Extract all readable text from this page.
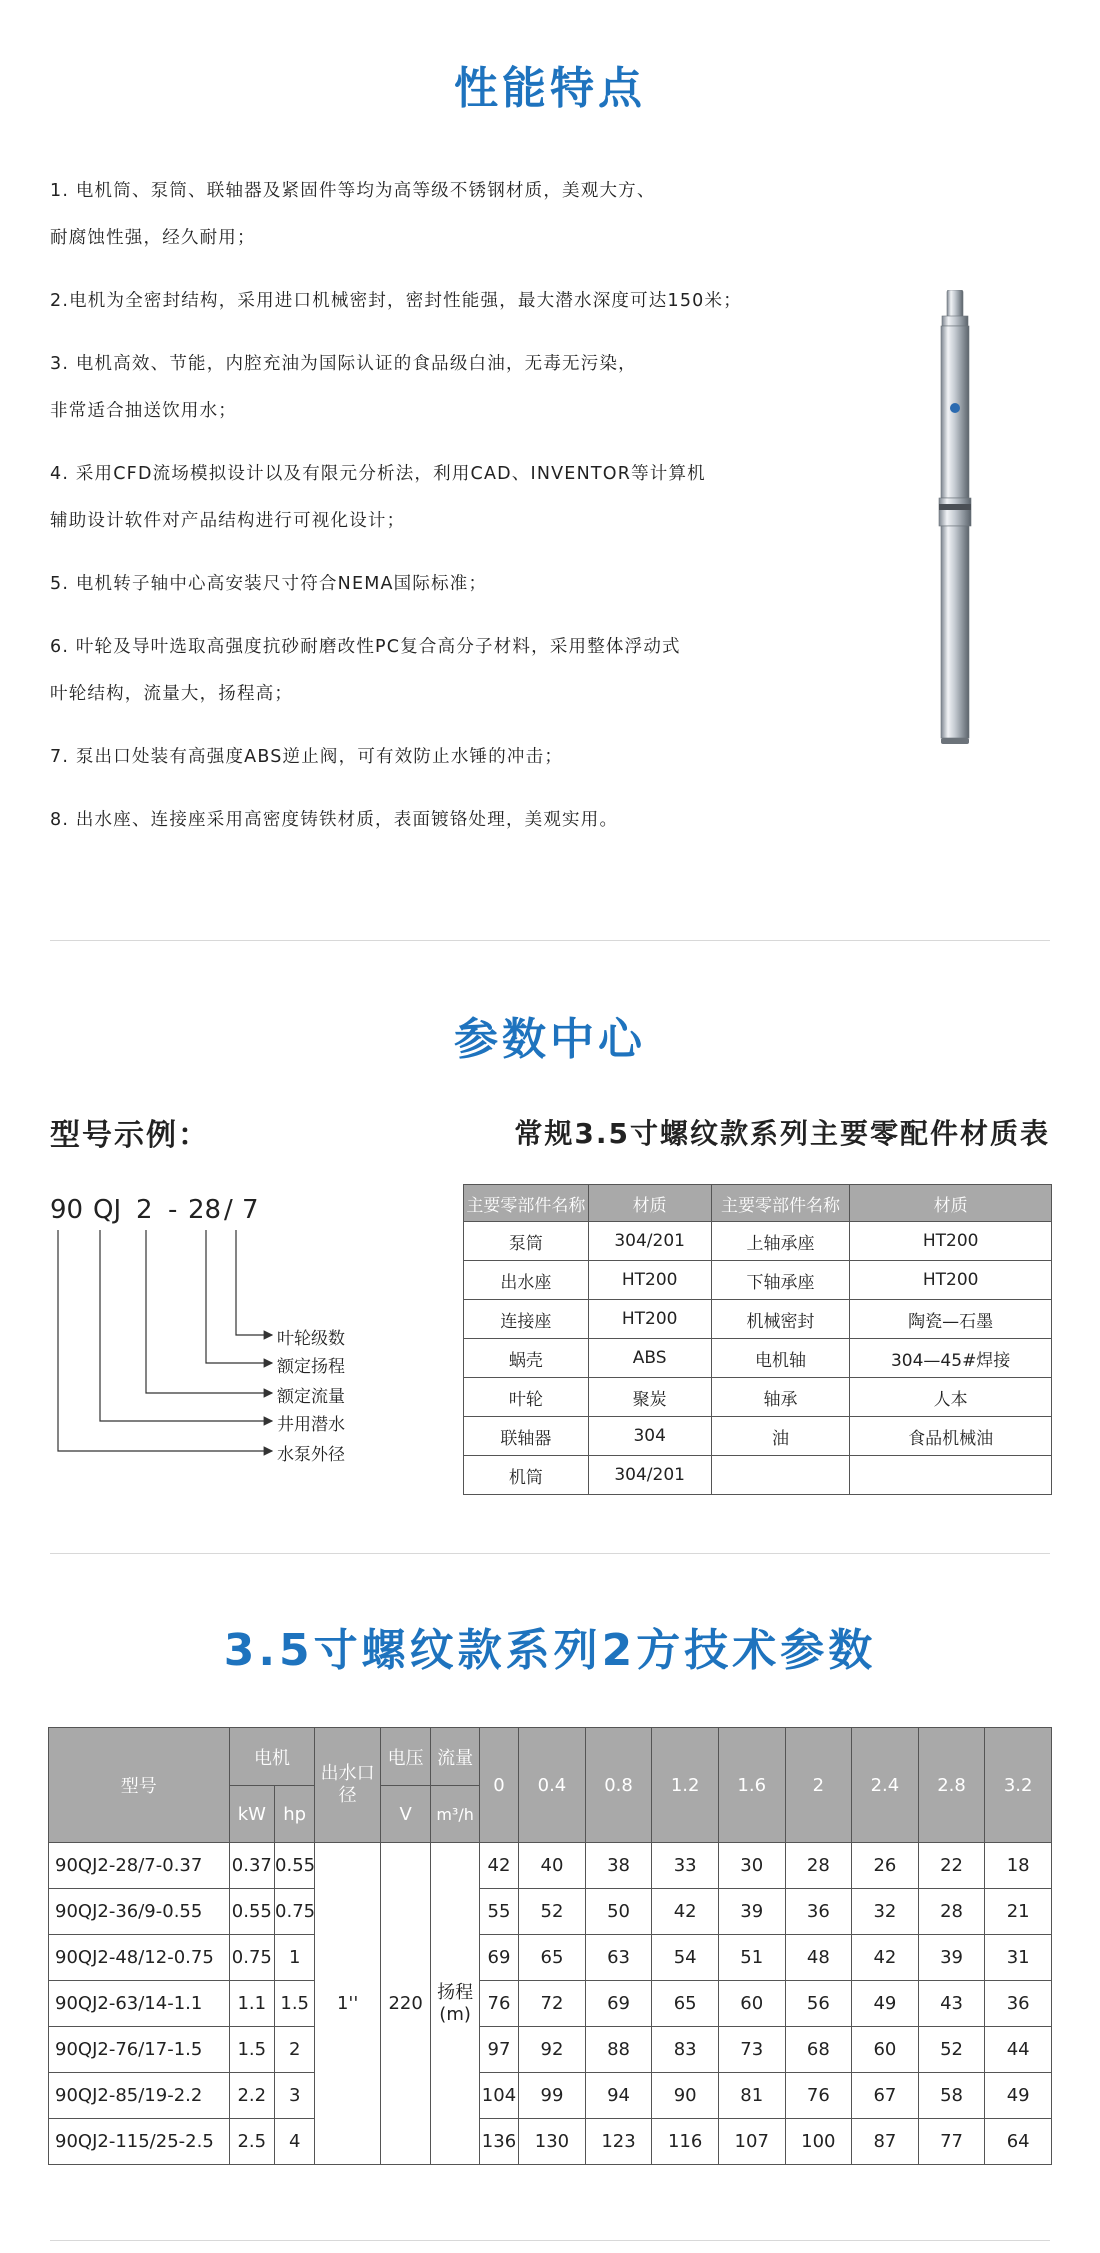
性能特点
1. 电机筒、泵筒、联轴器及紧固件等均为高等级不锈钢材质，美观大方、
耐腐蚀性强，经久耐用；
2.电机为全密封结构，采用进口机械密封，密封性能强，最大潜水深度可达150米；
3. 电机高效、节能，内腔充油为国际认证的食品级白油，无毒无污染，
非常适合抽送饮用水；
4. 采用CFD流场模拟设计以及有限元分析法，利用CAD、INVENTOR等计算机
辅助设计软件对产品结构进行可视化设计；
5. 电机转子轴中心高安装尺寸符合NEMA国际标准；
6. 叶轮及导叶选取高强度抗砂耐磨改性PC复合高分子材料，采用整体浮动式
叶轮结构，流量大，扬程高；
7. 泵出口处装有高强度ABS逆止阀，可有效防止水锤的冲击；
8. 出水座、连接座采用高密度铸铁材质，表面镀铬处理，美观实用。
参数中心
型号示例：
90 QJ 2 - 28 / 7
叶轮级数
额定扬程
额定流量
井用潜水
水泵外径
常规3.5寸螺纹款系列主要零配件材质表
主要零部件名称	材质	主要零部件名称	材质
泵筒	304/201	上轴承座	HT200
出水座	HT200	下轴承座	HT200
连接座	HT200	机械密封	陶瓷—石墨
蜗壳	ABS	电机轴	304—45#焊接
叶轮	聚炭	轴承	人本
联轴器	304	油	食品机械油
机筒	304/201		
3.5寸螺纹款系列2方技术参数
型号	电机		出水口径	电压	流量	0	0.4	0.8	1.2	1.6	2	2.4	2.8	3.2
	kW	hp		V	m³/h									
90QJ2-28/7-0.37	0.37	0.55	1''	220	扬程(m)	42	40	38	33	30	28	26	22	18
90QJ2-36/9-0.55	0.55	0.75				55	52	50	42	39	36	32	28	21
90QJ2-48/12-0.75	0.75	1				69	65	63	54	51	48	42	39	31
90QJ2-63/14-1.1	1.1	1.5				76	72	69	65	60	56	49	43	36
90QJ2-76/17-1.5	1.5	2				97	92	88	83	73	68	60	52	44
90QJ2-85/19-2.2	2.2	3				104	99	94	90	81	76	67	58	49
90QJ2-115/25-2.5	2.5	4				136	130	123	116	107	100	87	77	64
